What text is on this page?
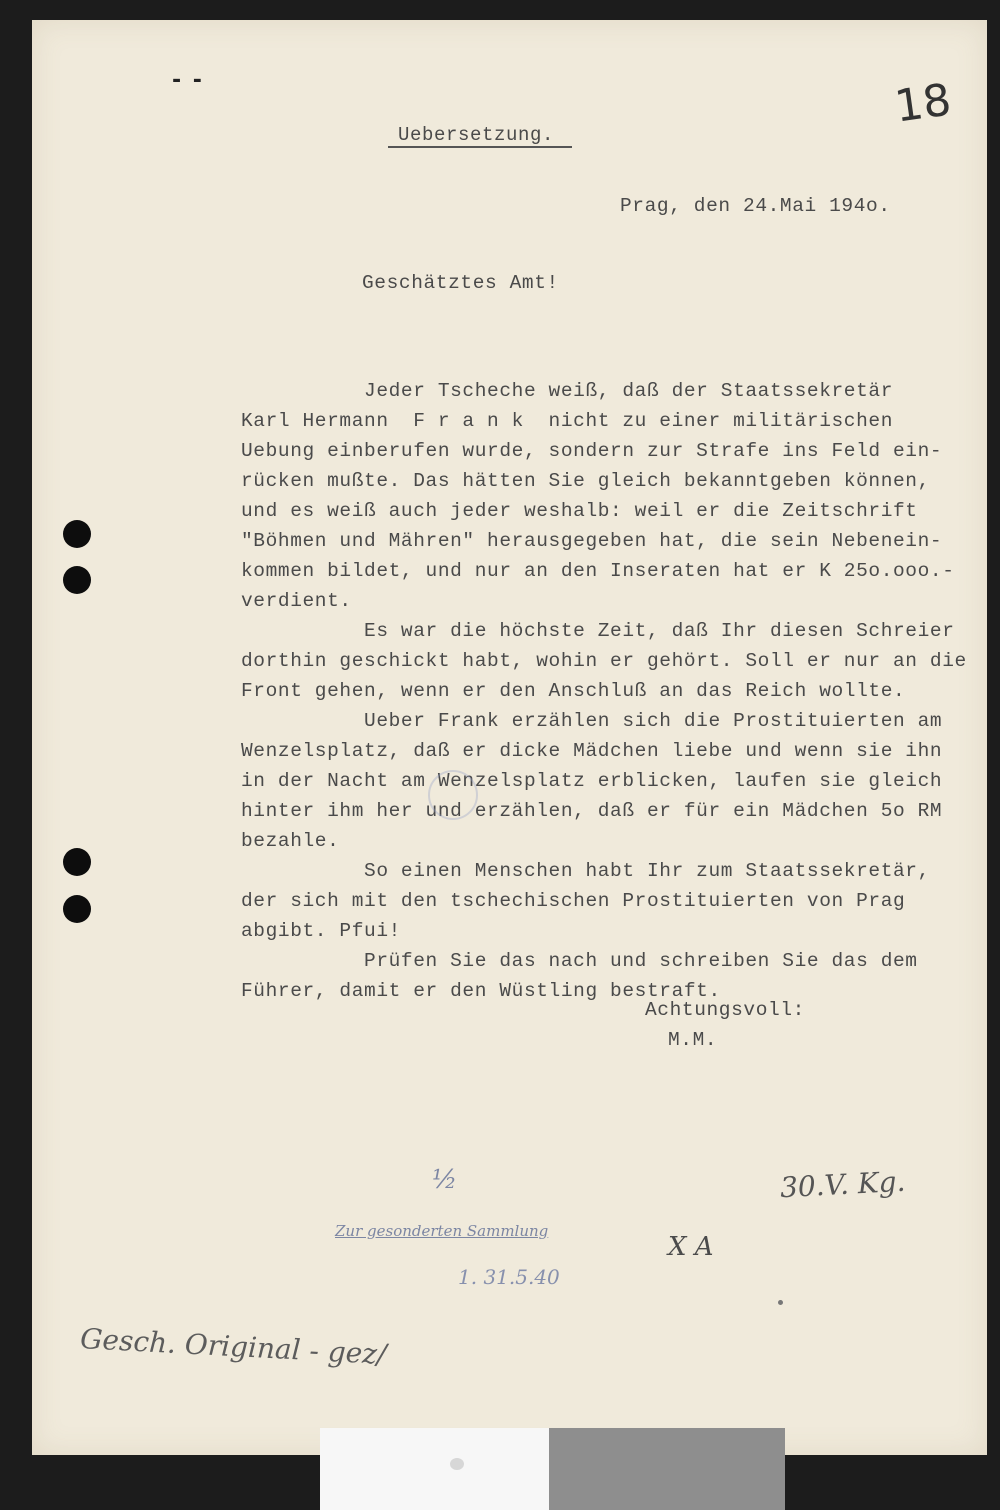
- -
Uebersetzung.
18
Prag, den 24.Mai 194o.
Geschätztes Amt!

Jeder Tscheche weiß, daß der Staatssekretär
Karl Hermann  F r a n k  nicht zu einer militärischen
Uebung einberufen wurde, sondern zur Strafe ins Feld ein-
rücken mußte. Das hätten Sie gleich bekanntgeben können,
und es weiß auch jeder weshalb: weil er die Zeitschrift
"Böhmen und Mähren" herausgegeben hat, die sein Nebenein-
kommen bildet, und nur an den Inseraten hat er K 25o.ooo.-
verdient.
Es war die höchste Zeit, daß Ihr diesen Schreier
dorthin geschickt habt, wohin er gehört. Soll er nur an die
Front gehen, wenn er den Anschluß an das Reich wollte.
Ueber Frank erzählen sich die Prostituierten am
Wenzelsplatz, daß er dicke Mädchen liebe und wenn sie ihn
in der Nacht am Wenzelsplatz erblicken, laufen sie gleich
hinter ihm her und erzählen, daß er für ein Mädchen 5o RM
bezahle.
So einen Menschen habt Ihr zum Staatssekretär,
der sich mit den tschechischen Prostituierten von Prag
abgibt. Pfui!
Prüfen Sie das nach und schreiben Sie das dem
Führer, damit er den Wüstling bestraft.

Achtungsvoll:
M.M.
½	30.V. Kg.
Zur gesonderten Sammlung
X A
1. 31.5.40
Gesch. Original - gez/
